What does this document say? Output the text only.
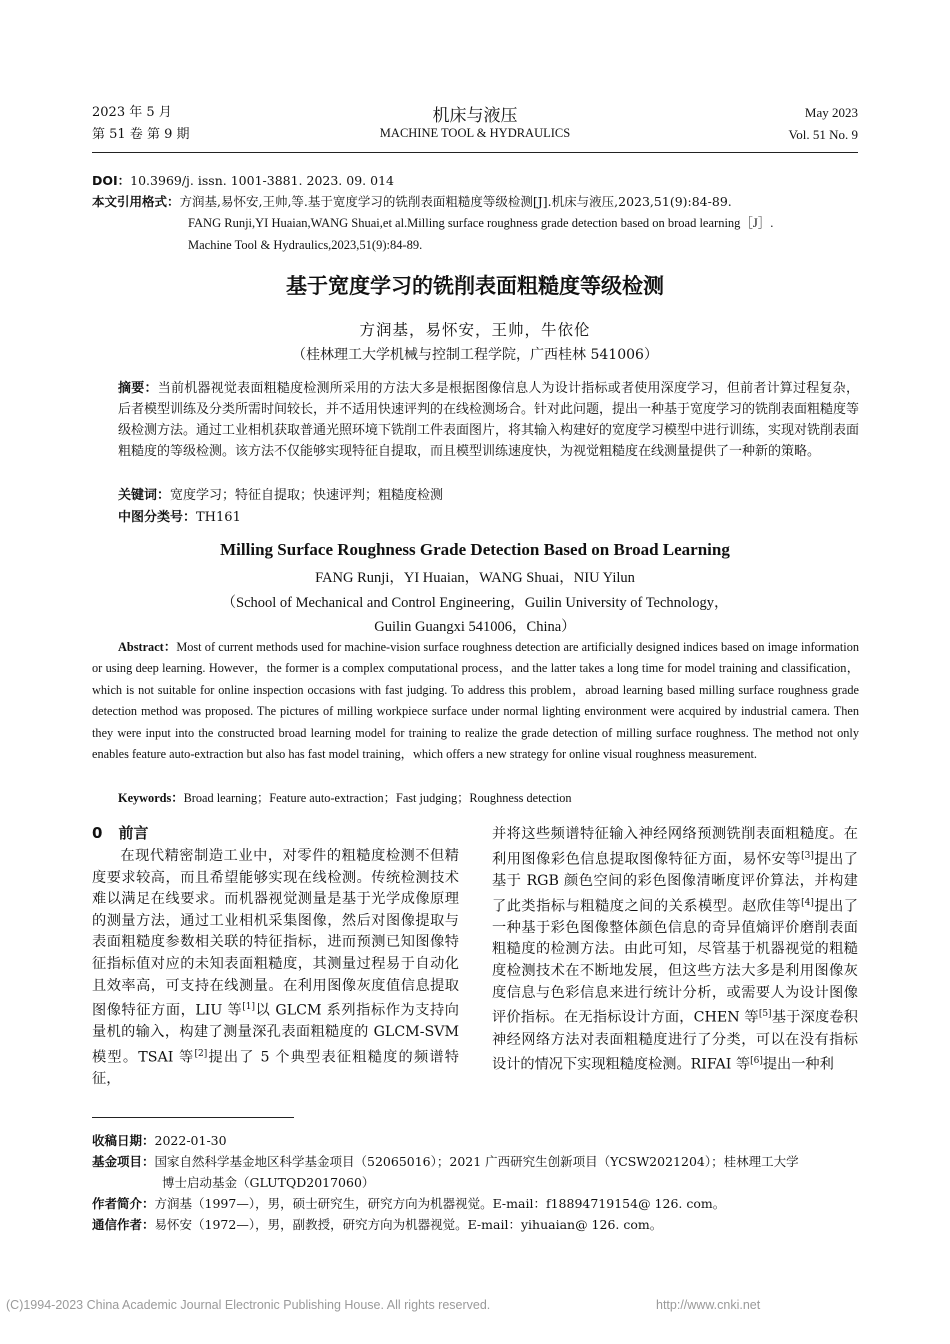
2023 年 5 月
第 51 卷 第 9 期
机床与液压
MACHINE TOOL & HYDRAULICS
May 2023
Vol. 51 No. 9
DOI：10.3969/j. issn. 1001-3881. 2023. 09. 014
本文引用格式：方润基,易怀安,王帅,等.基于宽度学习的铣削表面粗糙度等级检测[J].机床与液压,2023,51(9):84-89.
FANG Runji,YI Huaian,WANG Shuai,et al.Milling surface roughness grade detection based on broad learning［J］.
Machine Tool & Hydraulics,2023,51(9):84-89.
基于宽度学习的铣削表面粗糙度等级检测
方润基，易怀安，王帅，牛依伦
（桂林理工大学机械与控制工程学院，广西桂林 541006）
摘要：当前机器视觉表面粗糙度检测所采用的方法大多是根据图像信息人为设计指标或者使用深度学习，但前者计算过程复杂，后者模型训练及分类所需时间较长，并不适用快速评判的在线检测场合。针对此问题，提出一种基于宽度学习的铣削表面粗糙度等级检测方法。通过工业相机获取普通光照环境下铣削工件表面图片，将其输入构建好的宽度学习模型中进行训练，实现对铣削表面粗糙度的等级检测。该方法不仅能够实现特征自提取，而且模型训练速度快，为视觉粗糙度在线测量提供了一种新的策略。
关键词：宽度学习；特征自提取；快速评判；粗糙度检测
中图分类号：TH161
Milling Surface Roughness Grade Detection Based on Broad Learning
FANG Runji，YI Huaian，WANG Shuai，NIU Yilun
（School of Mechanical and Control Engineering，Guilin University of Technology，
Guilin Guangxi 541006，China）
Abstract：Most of current methods used for machine-vision surface roughness detection are artificially designed indices based on image information or using deep learning. However，the former is a complex computational process，and the latter takes a long time for model training and classification，which is not suitable for online inspection occasions with fast judging. To address this problem，abroad learning based milling surface roughness grade detection method was proposed. The pictures of milling workpiece surface under normal lighting environment were acquired by industrial camera. Then they were input into the constructed broad learning model for training to realize the grade detection of milling surface roughness. The method not only enables feature auto-extraction but also has fast model training，which offers a new strategy for online visual roughness measurement.
Keywords：Broad learning；Feature auto-extraction；Fast judging；Roughness detection
0 前言

在现代精密制造工业中，对零件的粗糙度检测不但精度要求较高，而且希望能够实现在线检测。传统检测技术难以满足在线要求。而机器视觉测量是基于光学成像原理的测量方法，通过工业相机采集图像，然后对图像提取与表面粗糙度参数相关联的特征指标，进而预测已知图像特征指标值对应的未知表面粗糙度，其测量过程易于自动化且效率高，可支持在线测量。在利用图像灰度值信息提取图像特征方面，LIU 等[1]以 GLCM 系列指标作为支持向量机的输入，构建了测量深孔表面粗糙度的 GLCM-SVM 模型。TSAI 等[2]提出了 5 个典型表征粗糙度的频谱特征，

并将这些频谱特征输入神经网络预测铣削表面粗糙度。在利用图像彩色信息提取图像特征方面，易怀安等[3]提出了基于 RGB 颜色空间的彩色图像清晰度评价算法，并构建了此类指标与粗糙度之间的关系模型。赵欣佳等[4]提出了一种基于彩色图像整体颜色信息的奇异值熵评价磨削表面粗糙度的检测方法。由此可知，尽管基于机器视觉的粗糙度检测技术在不断地发展，但这些方法大多是利用图像灰度信息与色彩信息来进行统计分析，或需要人为设计图像评价指标。在无指标设计方面，CHEN 等[5]基于深度卷积神经网络方法对表面粗糙度进行了分类，可以在没有指标设计的情况下实现粗糙度检测。RIFAI 等[6]提出一种利

收稿日期：2022-01-30
基金项目：国家自然科学基金地区科学基金项目（52065016）；2021 广西研究生创新项目（YCSW2021204）；桂林理工大学
博士启动基金（GLUTQD2017060）
作者简介：方润基（1997—），男，硕士研究生，研究方向为机器视觉。E-mail：f18894719154@ 126. com。
通信作者：易怀安（1972—），男，副教授，研究方向为机器视觉。E-mail：yihuaian@ 126. com。
(C)1994-2023 China Academic Journal Electronic Publishing House. All rights reserved.	http://www.cnki.net
